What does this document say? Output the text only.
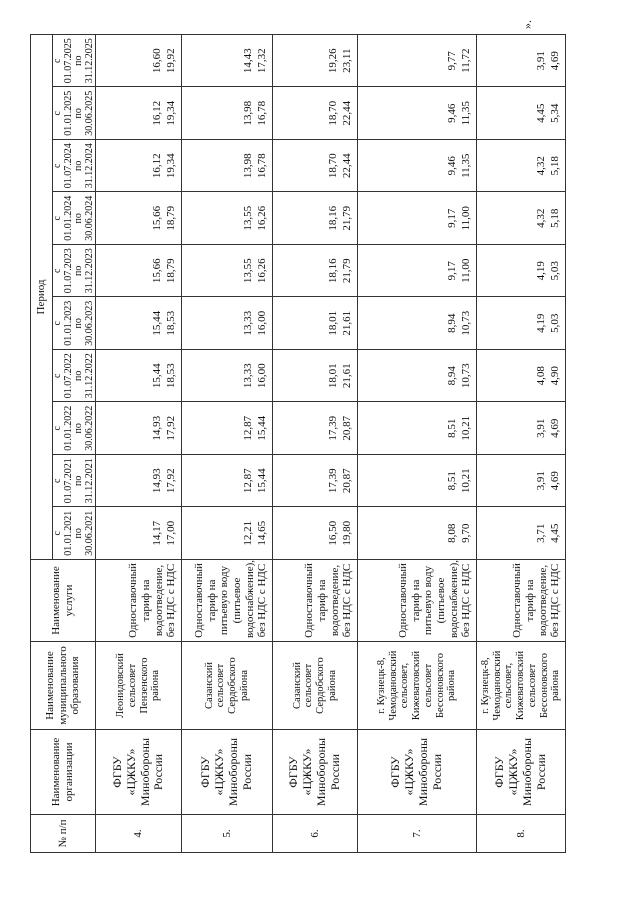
№ п/п	Наименование организации	Наименование муниципального образования	Наименование услуги	Период									
				с 01.01.2021 по 30.06.2021	с 01.07.2021 по 31.12.2021	с 01.01.2022 по 30.06.2022	с 01.07.2022 по 31.12.2022	с 01.01.2023 по 30.06.2023	с 01.07.2023 по 31.12.2023	с 01.01.2024 по 30.06.2024	с 01.07.2024 по 31.12.2024	с 01.01.2025 по 30.06.2025	с 01.07.2025 по 31.12.2025
4.	ФГБУ «ЦЖКУ» Минобороны России	Леонидовский сельсовет Пензенского района	Одноставочный тариф на водоотведение, без НДС с НДС	14,17 17,00	14,93 17,92	14,93 17,92	15,44 18,53	15,44 18,53	15,66 18,79	15,66 18,79	16,12 19,34	16,12 19,34	16,60 19,92

5.	ФГБУ «ЦЖКУ» Минобороны России	Сазанский сельсовет Сердобского района	Одноставочный тариф на питьевую воду (питьевое водоснабжение), без НДС с НДС	12,21 14,65	12,87 15,44	12,87 15,44	13,33 16,00	13,33 16,00	13,55 16,26	13,55 16,26	13,98 16,78	13,98 16,78	14,43 17,32

6.	ФГБУ «ЦЖКУ» Минобороны России	Сазанский сельсовет Сердобского района	Одноставочный тариф на водоотведение, без НДС с НДС	16,50 19,80	17,39 20,87	17,39 20,87	18,01 21,61	18,01 21,61	18,16 21,79	18,16 21,79	18,70 22,44	18,70 22,44	19,26 23,11

7.	ФГБУ «ЦЖКУ» Минобороны России	г. Кузнецк-8, Чемодановский сельсовет, Кижеватовский сельсовет Бессоновского района	Одноставочный тариф на питьевую воду (питьевое водоснабжение), без НДС с НДС	8,08 9,70	8,51 10,21	8,51 10,21	8,94 10,73	8,94 10,73	9,17 11,00	9,17 11,00	9,46 11,35	9,46 11,35	9,77 11,72

8.	ФГБУ «ЦЖКУ» Минобороны России	г. Кузнецк-8, Чемодановский сельсовет, Кижеватовский сельсовет Бессоновского района	Одноставочный тариф на водоотведение, без НДС с НДС	3,71 4,45	3,91 4,69	3,91 4,69	4,08 4,90	4,19 5,03	4,19 5,03	4,32 5,18	4,32 5,18	4,45 5,34	3,91 4,69
».
